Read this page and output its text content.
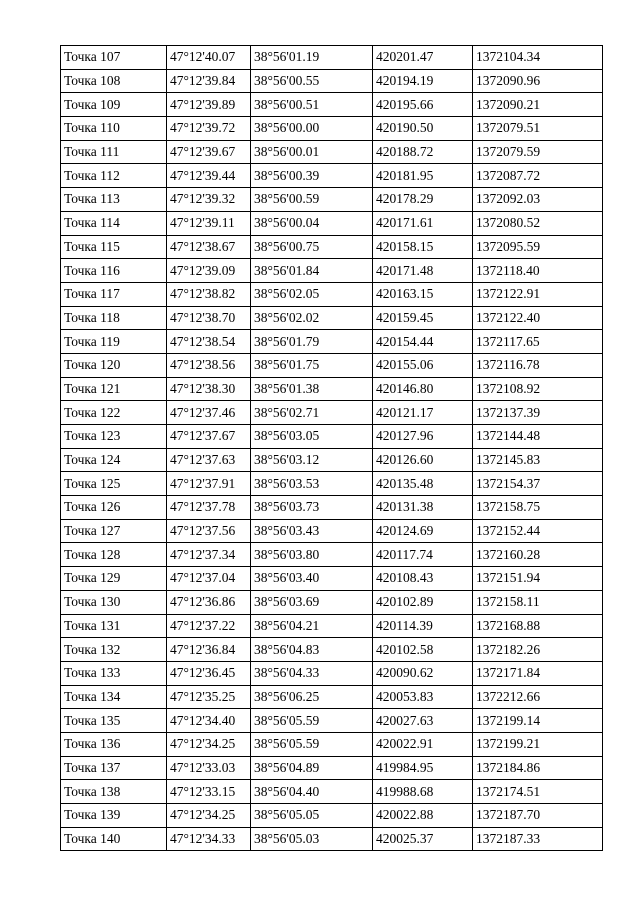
Точка 107	47°12'40.07	38°56'01.19	420201.47	1372104.34
Точка 108	47°12'39.84	38°56'00.55	420194.19	1372090.96
Точка 109	47°12'39.89	38°56'00.51	420195.66	1372090.21
Точка 110	47°12'39.72	38°56'00.00	420190.50	1372079.51
Точка 111	47°12'39.67	38°56'00.01	420188.72	1372079.59
Точка 112	47°12'39.44	38°56'00.39	420181.95	1372087.72
Точка 113	47°12'39.32	38°56'00.59	420178.29	1372092.03
Точка 114	47°12'39.11	38°56'00.04	420171.61	1372080.52
Точка 115	47°12'38.67	38°56'00.75	420158.15	1372095.59
Точка 116	47°12'39.09	38°56'01.84	420171.48	1372118.40
Точка 117	47°12'38.82	38°56'02.05	420163.15	1372122.91
Точка 118	47°12'38.70	38°56'02.02	420159.45	1372122.40
Точка 119	47°12'38.54	38°56'01.79	420154.44	1372117.65
Точка 120	47°12'38.56	38°56'01.75	420155.06	1372116.78
Точка 121	47°12'38.30	38°56'01.38	420146.80	1372108.92
Точка 122	47°12'37.46	38°56'02.71	420121.17	1372137.39
Точка 123	47°12'37.67	38°56'03.05	420127.96	1372144.48
Точка 124	47°12'37.63	38°56'03.12	420126.60	1372145.83
Точка 125	47°12'37.91	38°56'03.53	420135.48	1372154.37
Точка 126	47°12'37.78	38°56'03.73	420131.38	1372158.75
Точка 127	47°12'37.56	38°56'03.43	420124.69	1372152.44
Точка 128	47°12'37.34	38°56'03.80	420117.74	1372160.28
Точка 129	47°12'37.04	38°56'03.40	420108.43	1372151.94
Точка 130	47°12'36.86	38°56'03.69	420102.89	1372158.11
Точка 131	47°12'37.22	38°56'04.21	420114.39	1372168.88
Точка 132	47°12'36.84	38°56'04.83	420102.58	1372182.26
Точка 133	47°12'36.45	38°56'04.33	420090.62	1372171.84
Точка 134	47°12'35.25	38°56'06.25	420053.83	1372212.66
Точка 135	47°12'34.40	38°56'05.59	420027.63	1372199.14
Точка 136	47°12'34.25	38°56'05.59	420022.91	1372199.21
Точка 137	47°12'33.03	38°56'04.89	419984.95	1372184.86
Точка 138	47°12'33.15	38°56'04.40	419988.68	1372174.51
Точка 139	47°12'34.25	38°56'05.05	420022.88	1372187.70
Точка 140	47°12'34.33	38°56'05.03	420025.37	1372187.33
